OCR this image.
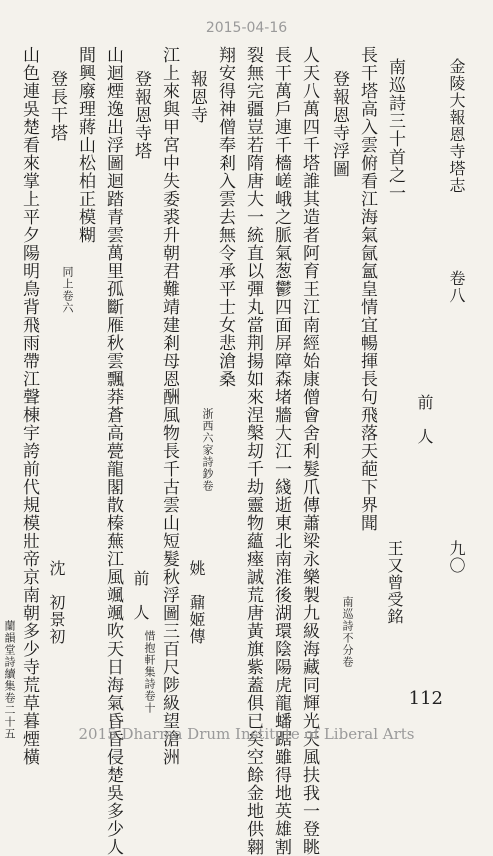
2015-04-16
金陵大報恩寺塔志
卷八
九〇
前　人
王又曾受銘
南巡詩三十首之一
長干塔高入雲俯看江海氣氤氳皇情宜暢揮長句飛落天葩下界聞
南巡詩不分卷
登報恩寺浮圖
人天八萬四千塔誰其造者阿育王江南經始康僧會舍利髮爪傳蕭梁永樂製九級海藏同輝光天風扶我一登眺
長干萬戶連千檣嵯峨之脈氣葱鬱四面屏障森堵牆大江一綫逝東北南淮後湖環陰陽虎龍蟠踞雖得地英雄割
裂無完疆豈若隋唐大一統直以彈丸當荆揚如來涅槃刧千劫靈物蘊瘞誠荒唐黃旗紫蓋俱已矣空餘金地供翱
翔安得神僧奉剎入雲去無令承平士女悲滄桑
浙西六家詩鈔卷
報恩寺
姚　鼐姬傳
江上來與甲宮中失委裘升朝君難靖建剎母恩酬風物長千古雲山短髮秋浮圖三百尺陟級望滄洲
惜抱軒集詩卷十
登報恩寺塔
前　人
山迴煙逸出浮圖迴踏青雲萬里孤斷雁秋雲飄莽蒼高甍龍閣散榛蕪江風颯颯吹天日海氣昏昏侵楚吳多少人
間興廢理蔣山松柏正模糊
同上卷六
登長干塔
沈　初景初
山色連吳楚看來掌上平夕陽明鳥背飛雨帶江聲棟宇誇前代規模壯帝京南朝多少寺荒草暮煙橫
蘭韻堂詩續集卷二十五	112
2015 Dharma Drum Institute of Liberal Arts
